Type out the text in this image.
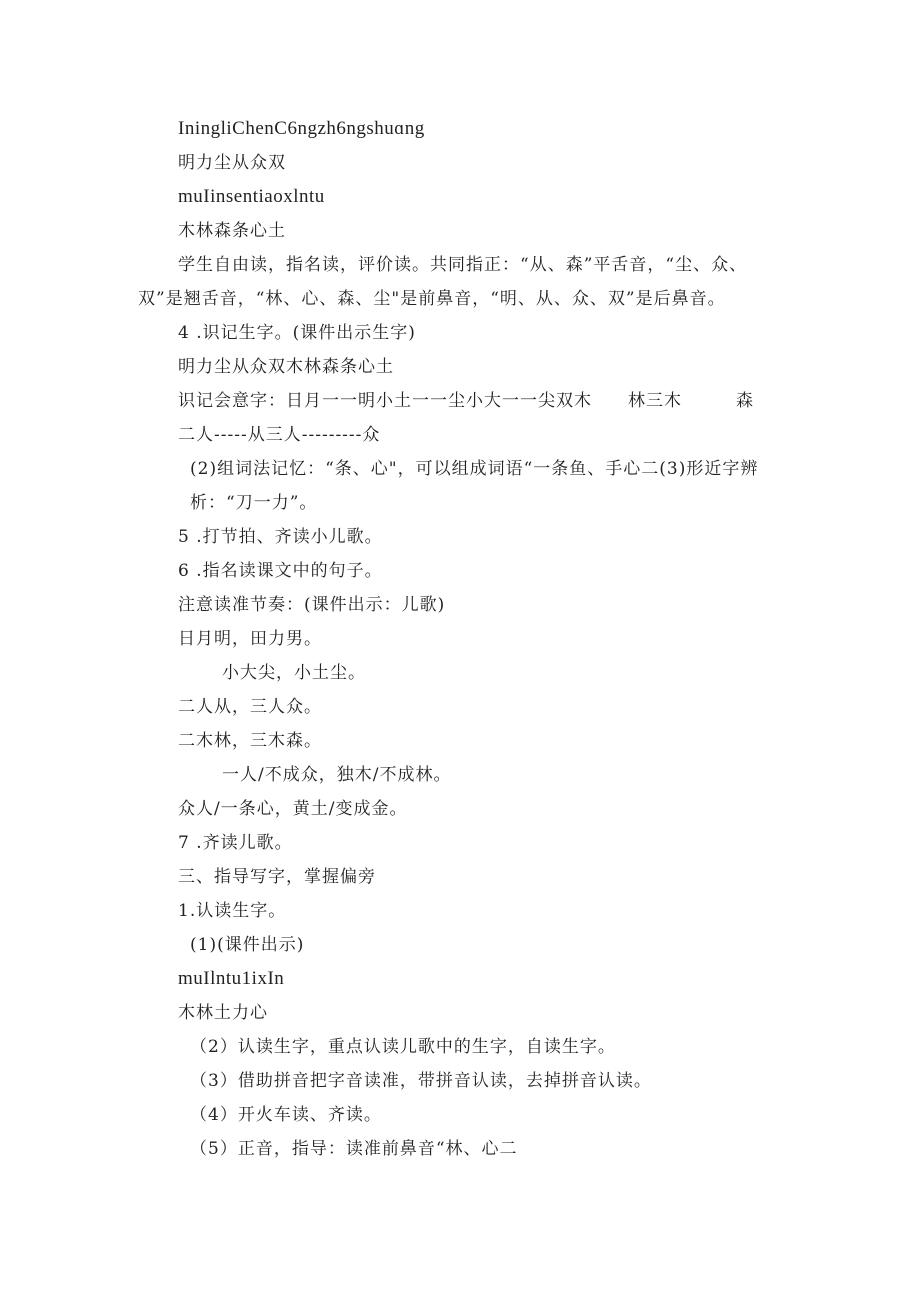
IningliChenC6ngzh6ngshuɑng
明力尘从众双
muIinsentiaoxlntu
木林森条心土
学生自由读，指名读，评价读。共同指正：“从、森”平舌音，“尘、众、
双”是翘舌音，“林、心、森、尘"是前鼻音，“明、从、众、双”是后鼻音。
4 .识记生字。(课件出示生字)
明力尘从众双木林森条心土
识记会意字：日月一一明小土一一尘小大一一尖双木　　林三木　　　森
二人-----从三人---------众
(2)组词法记忆：“条、心"，可以组成词语“一条鱼、手心二(3)形近字辨
析：“刀一力”。
5 .打节拍、齐读小儿歌。
6 .指名读课文中的句子。
注意读准节奏：(课件出示：儿歌)
日月明，田力男。
小大尖，小土尘。
二人从，三人众。
二木林，三木森。
一人/不成众，独木/不成林。
众人/一条心，黄土/变成金。
7 .齐读儿歌。
三、指导写字，掌握偏旁
1.认读生字。
(1)(课件出示)
muIlntu1ixIn
木林土力心
（2）认读生字，重点认读儿歌中的生字，自读生字。
（3）借助拼音把字音读准，带拼音认读，去掉拼音认读。
（4）开火车读、齐读。
（5）正音，指导：读准前鼻音“林、心二
